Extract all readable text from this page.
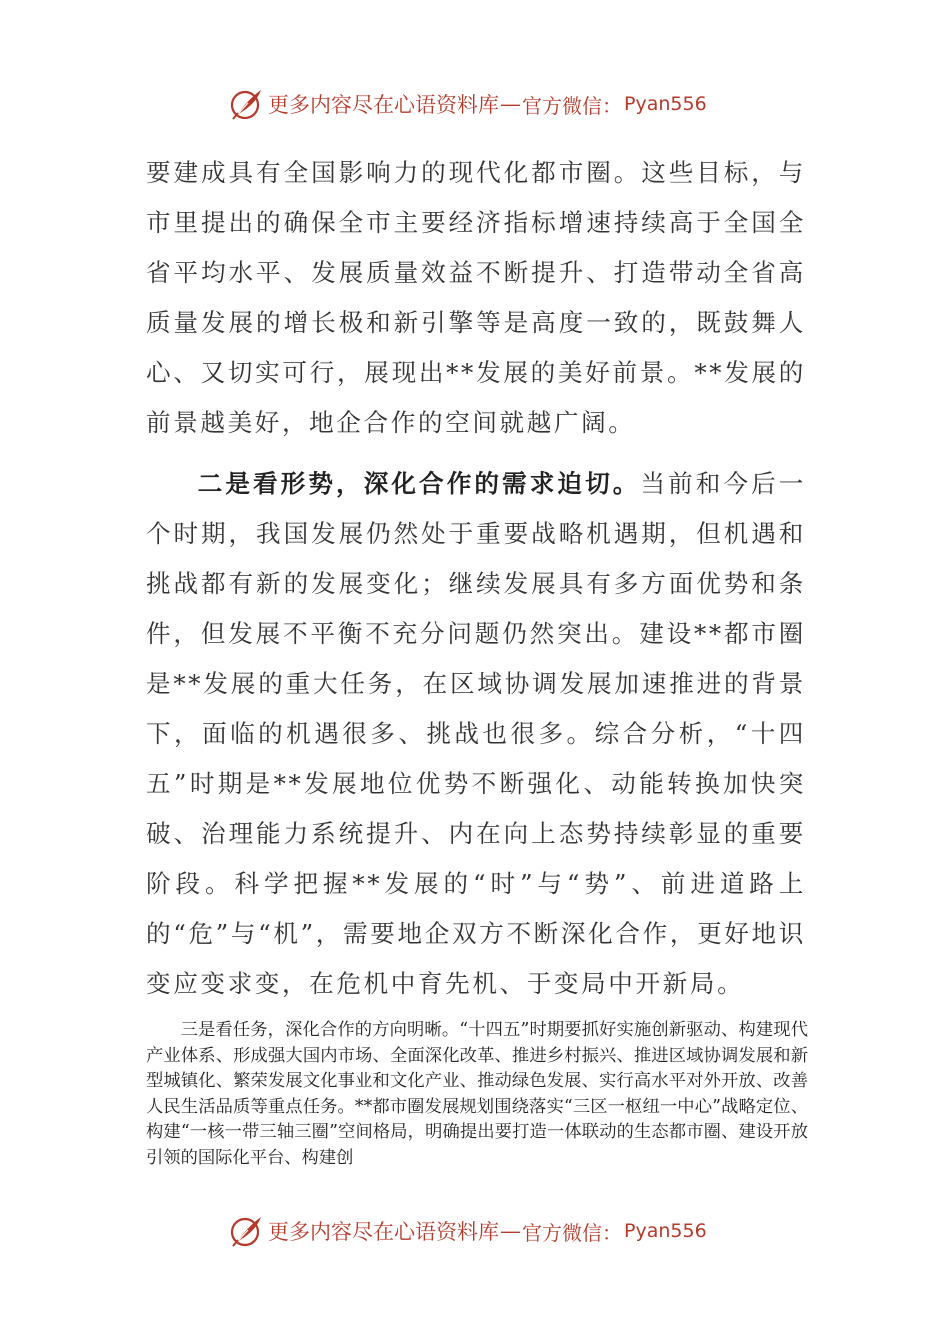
更多内容尽在心语资料库 — 官方微信： Pyan556

要建成具有全国影响力的现代化都市圈。这些目标，与市里提出的确保全市主要经济指标增速持续高于全国全省平均水平、发展质量效益不断提升、打造带动全省高质量发展的增长极和新引擎等是高度一致的，既鼓舞人心、又切实可行，展现出**发展的美好前景。**发展的前景越美好，地企合作的空间就越广阔。

二是看形势，深化合作的需求迫切。当前和今后一个时期，我国发展仍然处于重要战略机遇期，但机遇和挑战都有新的发展变化；继续发展具有多方面优势和条件，但发展不平衡不充分问题仍然突出。建设**都市圈是**发展的重大任务，在区域协调发展加速推进的背景下，面临的机遇很多、挑战也很多。综合分析，“十四五”时期是**发展地位优势不断强化、动能转换加快突破、治理能力系统提升、内在向上态势持续彰显的重要阶段。科学把握**发展的“时”与“势”、前进道路上的“危”与“机”，需要地企双方不断深化合作，更好地识变应变求变，在危机中育先机、于变局中开新局。

三是看任务，深化合作的方向明晰。“十四五”时期要抓好实施创新驱动、构建现代产业体系、形成强大国内市场、全面深化改革、推进乡村振兴、推进区域协调发展和新型城镇化、繁荣发展文化事业和文化产业、推动绿色发展、实行高水平对外开放、改善人民生活品质等重点任务。**都市圈发展规划围绕落实“三区一枢纽一中心”战略定位、构建“一核一带三轴三圈”空间格局，明确提出要打造一体联动的生态都市圈、建设开放引领的国际化平台、构建创

更多内容尽在心语资料库 — 官方微信： Pyan556
